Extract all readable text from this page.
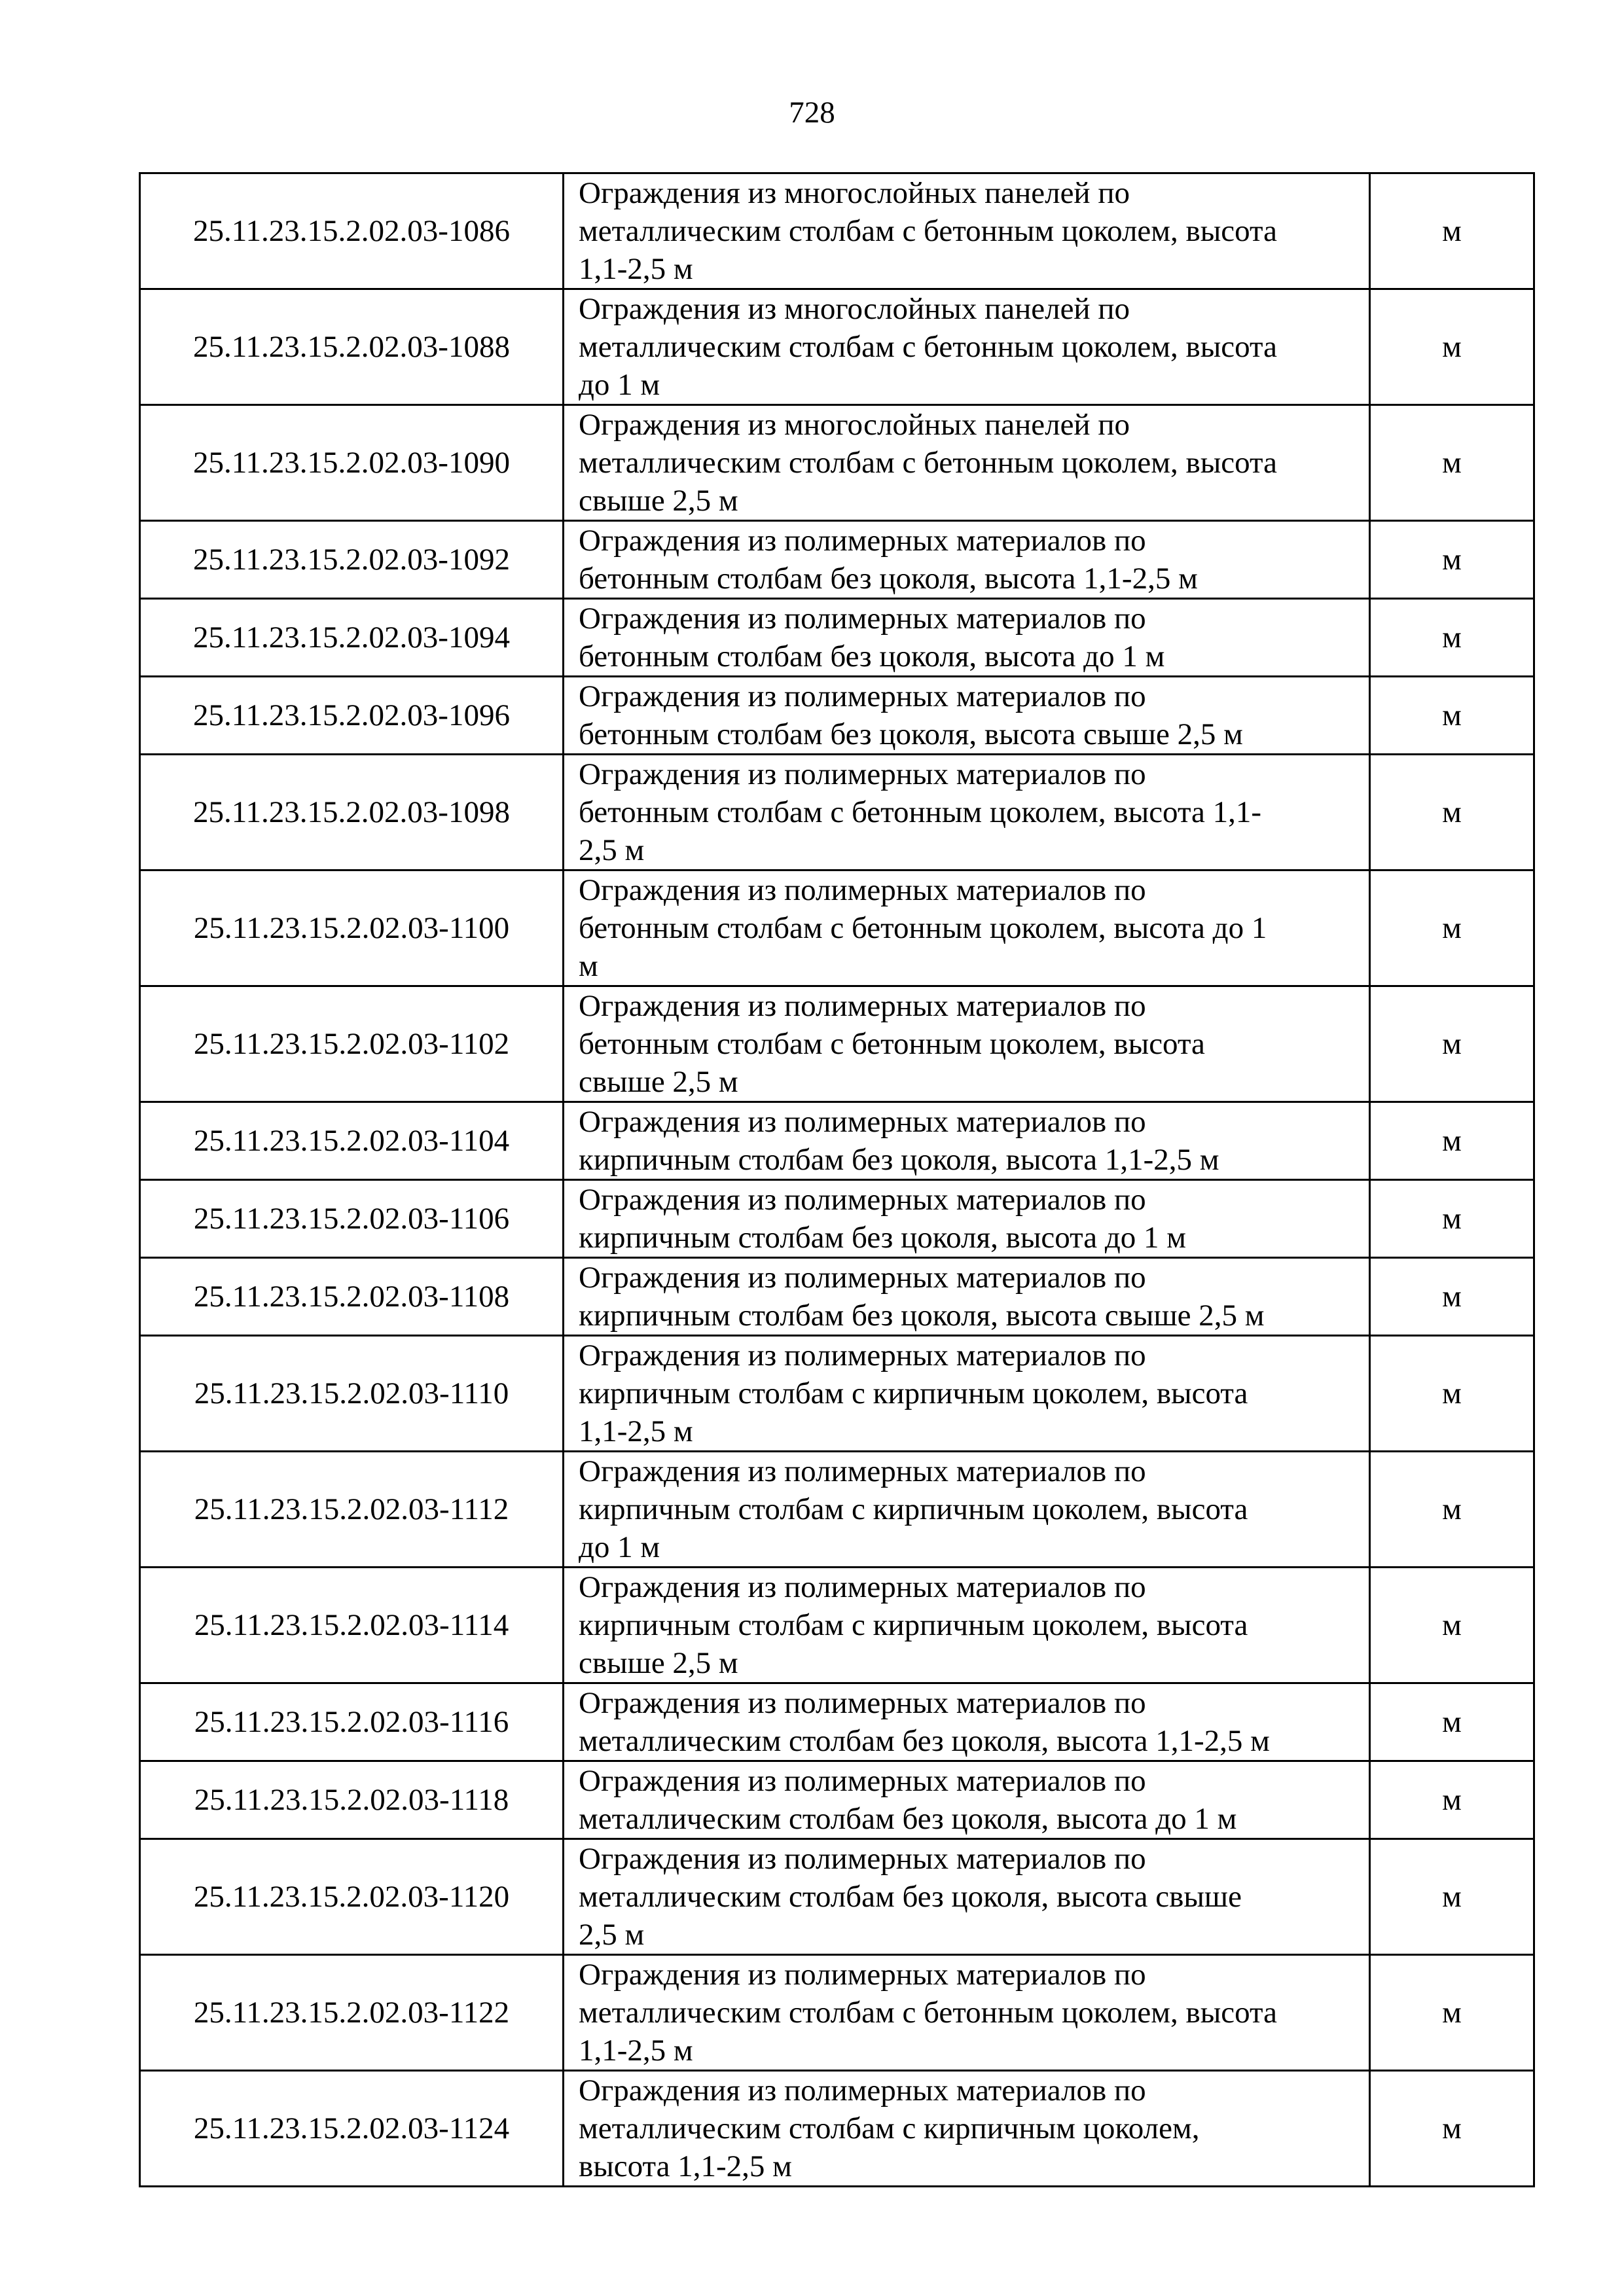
728
25.11.23.15.2.02.03-1086	Ограждения из многослойных панелей по
металлическим столбам с бетонным цоколем, высота
1,1-2,5 м	м
25.11.23.15.2.02.03-1088	Ограждения из многослойных панелей по
металлическим столбам с бетонным цоколем, высота
до 1 м	м
25.11.23.15.2.02.03-1090	Ограждения из многослойных панелей по
металлическим столбам с бетонным цоколем, высота
свыше 2,5 м	м
25.11.23.15.2.02.03-1092	Ограждения из полимерных материалов по
бетонным столбам без цоколя, высота 1,1-2,5 м	м
25.11.23.15.2.02.03-1094	Ограждения из полимерных материалов по
бетонным столбам без цоколя, высота до 1 м	м
25.11.23.15.2.02.03-1096	Ограждения из полимерных материалов по
бетонным столбам без цоколя, высота свыше 2,5 м	м
25.11.23.15.2.02.03-1098	Ограждения из полимерных материалов по
бетонным столбам с бетонным цоколем, высота 1,1-
2,5 м	м
25.11.23.15.2.02.03-1100	Ограждения из полимерных материалов по
бетонным столбам с бетонным цоколем, высота до 1
м	м
25.11.23.15.2.02.03-1102	Ограждения из полимерных материалов по
бетонным столбам с бетонным цоколем, высота
свыше 2,5 м	м
25.11.23.15.2.02.03-1104	Ограждения из полимерных материалов по
кирпичным столбам без цоколя, высота 1,1-2,5 м	м
25.11.23.15.2.02.03-1106	Ограждения из полимерных материалов по
кирпичным столбам без цоколя, высота до 1 м	м
25.11.23.15.2.02.03-1108	Ограждения из полимерных материалов по
кирпичным столбам без цоколя, высота свыше 2,5 м	м
25.11.23.15.2.02.03-1110	Ограждения из полимерных материалов по
кирпичным столбам с кирпичным цоколем, высота
1,1-2,5 м	м
25.11.23.15.2.02.03-1112	Ограждения из полимерных материалов по
кирпичным столбам с кирпичным цоколем, высота
до 1 м	м
25.11.23.15.2.02.03-1114	Ограждения из полимерных материалов по
кирпичным столбам с кирпичным цоколем, высота
свыше 2,5 м	м
25.11.23.15.2.02.03-1116	Ограждения из полимерных материалов по
металлическим столбам без цоколя, высота 1,1-2,5 м	м
25.11.23.15.2.02.03-1118	Ограждения из полимерных материалов по
металлическим столбам без цоколя, высота до 1 м	м
25.11.23.15.2.02.03-1120	Ограждения из полимерных материалов по
металлическим столбам без цоколя, высота свыше
2,5 м	м
25.11.23.15.2.02.03-1122	Ограждения из полимерных материалов по
металлическим столбам с бетонным цоколем, высота
1,1-2,5 м	м
25.11.23.15.2.02.03-1124	Ограждения из полимерных материалов по
металлическим столбам с кирпичным цоколем,
высота 1,1-2,5 м	м
